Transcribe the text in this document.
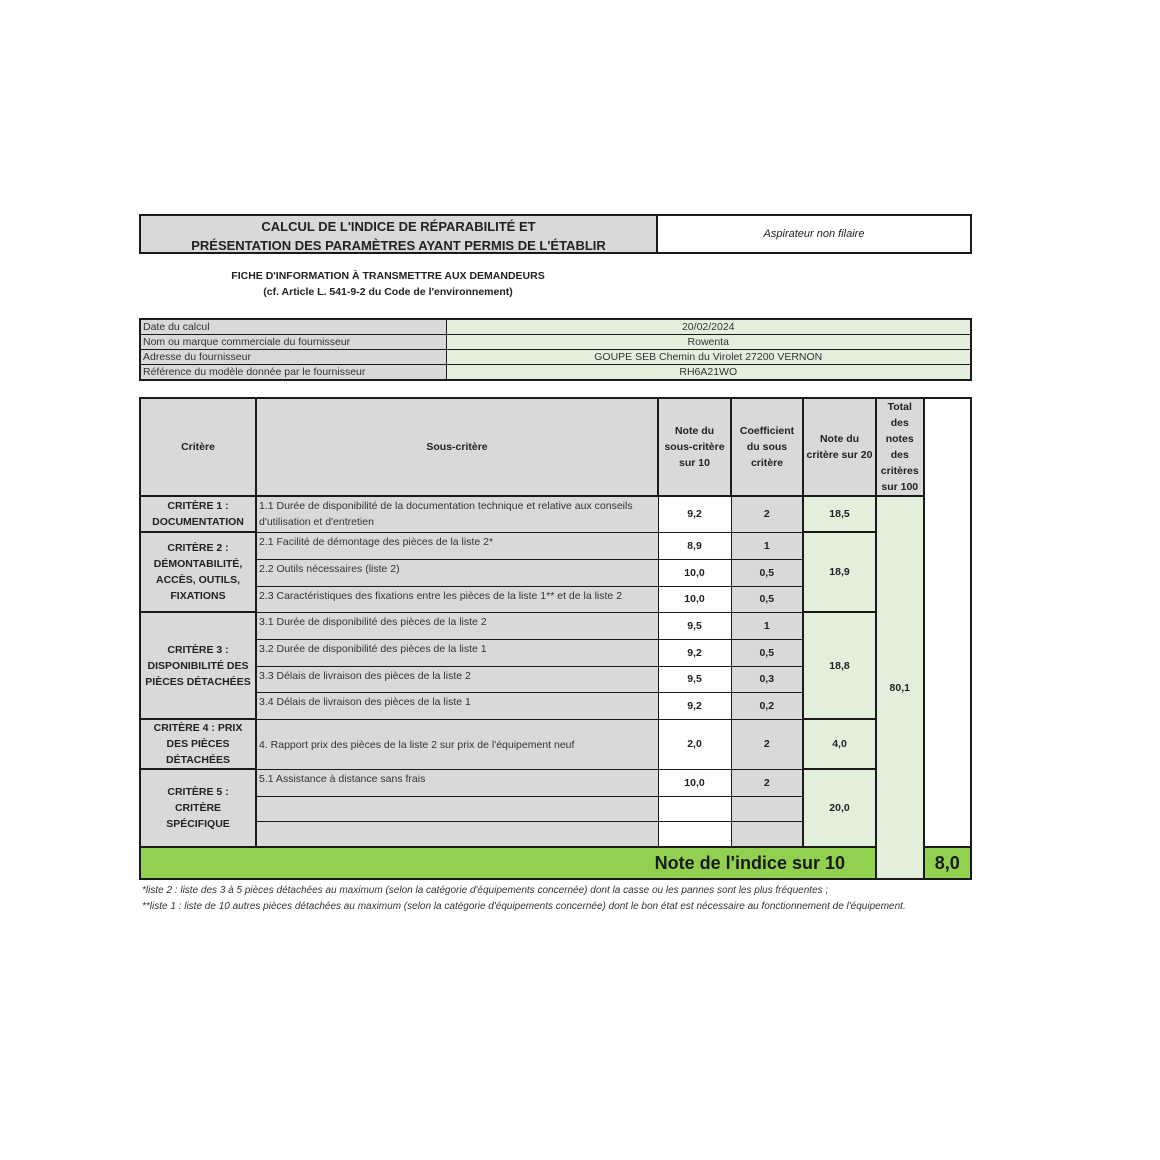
CALCUL DE L'INDICE DE RÉPARABILITÉ ET
PRÉSENTATION DES PARAMÈTRES AYANT PERMIS DE L'ÉTABLIR
Aspirateur non filaire
FICHE D'INFORMATION À TRANSMETTRE AUX DEMANDEURS
(cf. Article L. 541-9-2 du Code de l'environnement)
Date du calcul	20/02/2024
Nom ou marque commerciale du fournisseur	Rowenta
Adresse du fournisseur	GOUPE SEB Chemin du Virolet 27200 VERNON
Référence du modèle donnée par le fournisseur	RH6A21WO
Critère	Sous-critère	Note du sous-critère sur 10	Coefficient du sous critère	Note du critère sur 20	Total des notes des critères sur 100	
CRITÈRE 1 : DOCUMENTATION	1.1 Durée de disponibilité de la documentation technique et relative aux conseils d'utilisation et d'entretien	9,2	2	18,5	80,1	
CRITÈRE 2 : DÉMONTABILITÉ, ACCÈS, OUTILS, FIXATIONS	2.1 Facilité de démontage des pièces de la liste 2*	8,9	1	18,9		
	2.2 Outils nécessaires (liste 2)	10,0	0,5			
	2.3 Caractéristiques des fixations entre les pièces de la liste 1** et de la liste 2	10,0	0,5			
CRITÈRE 3 : DISPONIBILITÉ DES PIÈCES DÉTACHÉES	3.1 Durée de disponibilité des pièces de la liste 2	9,5	1	18,8		
	3.2 Durée de disponibilité des pièces de la liste 1	9,2	0,5			
	3.3 Délais de livraison des pièces de la liste 2	9,5	0,3			
	3.4 Délais de livraison des pièces de la liste 1	9,2	0,2			
CRITÈRE 4 : PRIX DES PIÈCES DÉTACHÉES	4. Rapport prix des pièces de la liste 2 sur prix de l'équipement neuf	2,0	2	4,0		
CRITÈRE 5 : CRITÈRE SPÉCIFIQUE	5.1 Assistance à distance sans frais	10,0	2	20,0		

Note de l'indice sur 10						8,0
*liste 2 : liste des 3 à 5 pièces détachées au maximum (selon la catégorie d'équipements concernée) dont la casse ou les pannes sont les plus fréquentes ;
**liste 1 : liste de 10 autres pièces détachées au maximum (selon la catégorie d'équipements concernée) dont le bon état est nécessaire au fonctionnement de l'équipement.
